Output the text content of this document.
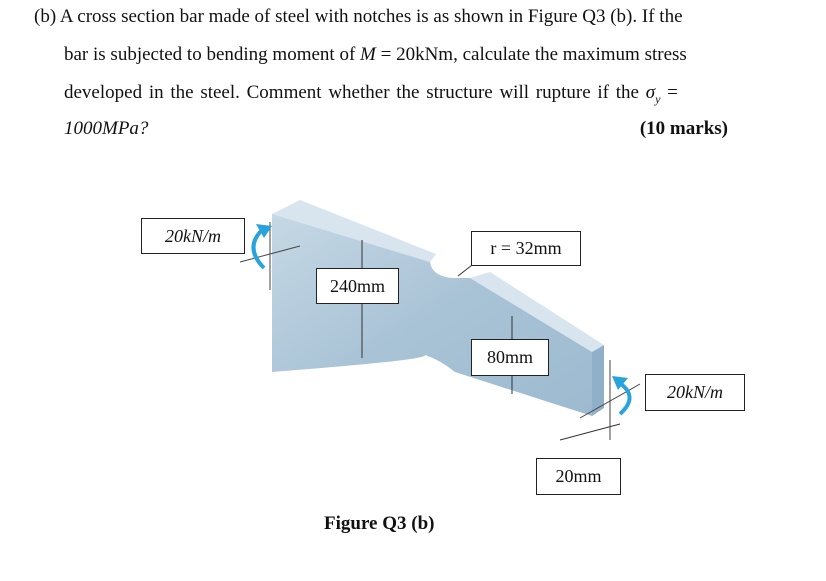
(b) A cross section bar made of steel with notches is as shown in Figure Q3 (b). If the
bar is subjected to bending moment of M = 20kNm, calculate the maximum stress
developed in the steel. Comment whether the structure will rupture if the $\sigma_y$ =
1000MPa?	(10 marks)
20kN/m
r = 32mm
240mm
80mm
20kN/m
20mm
Figure Q3 (b)
